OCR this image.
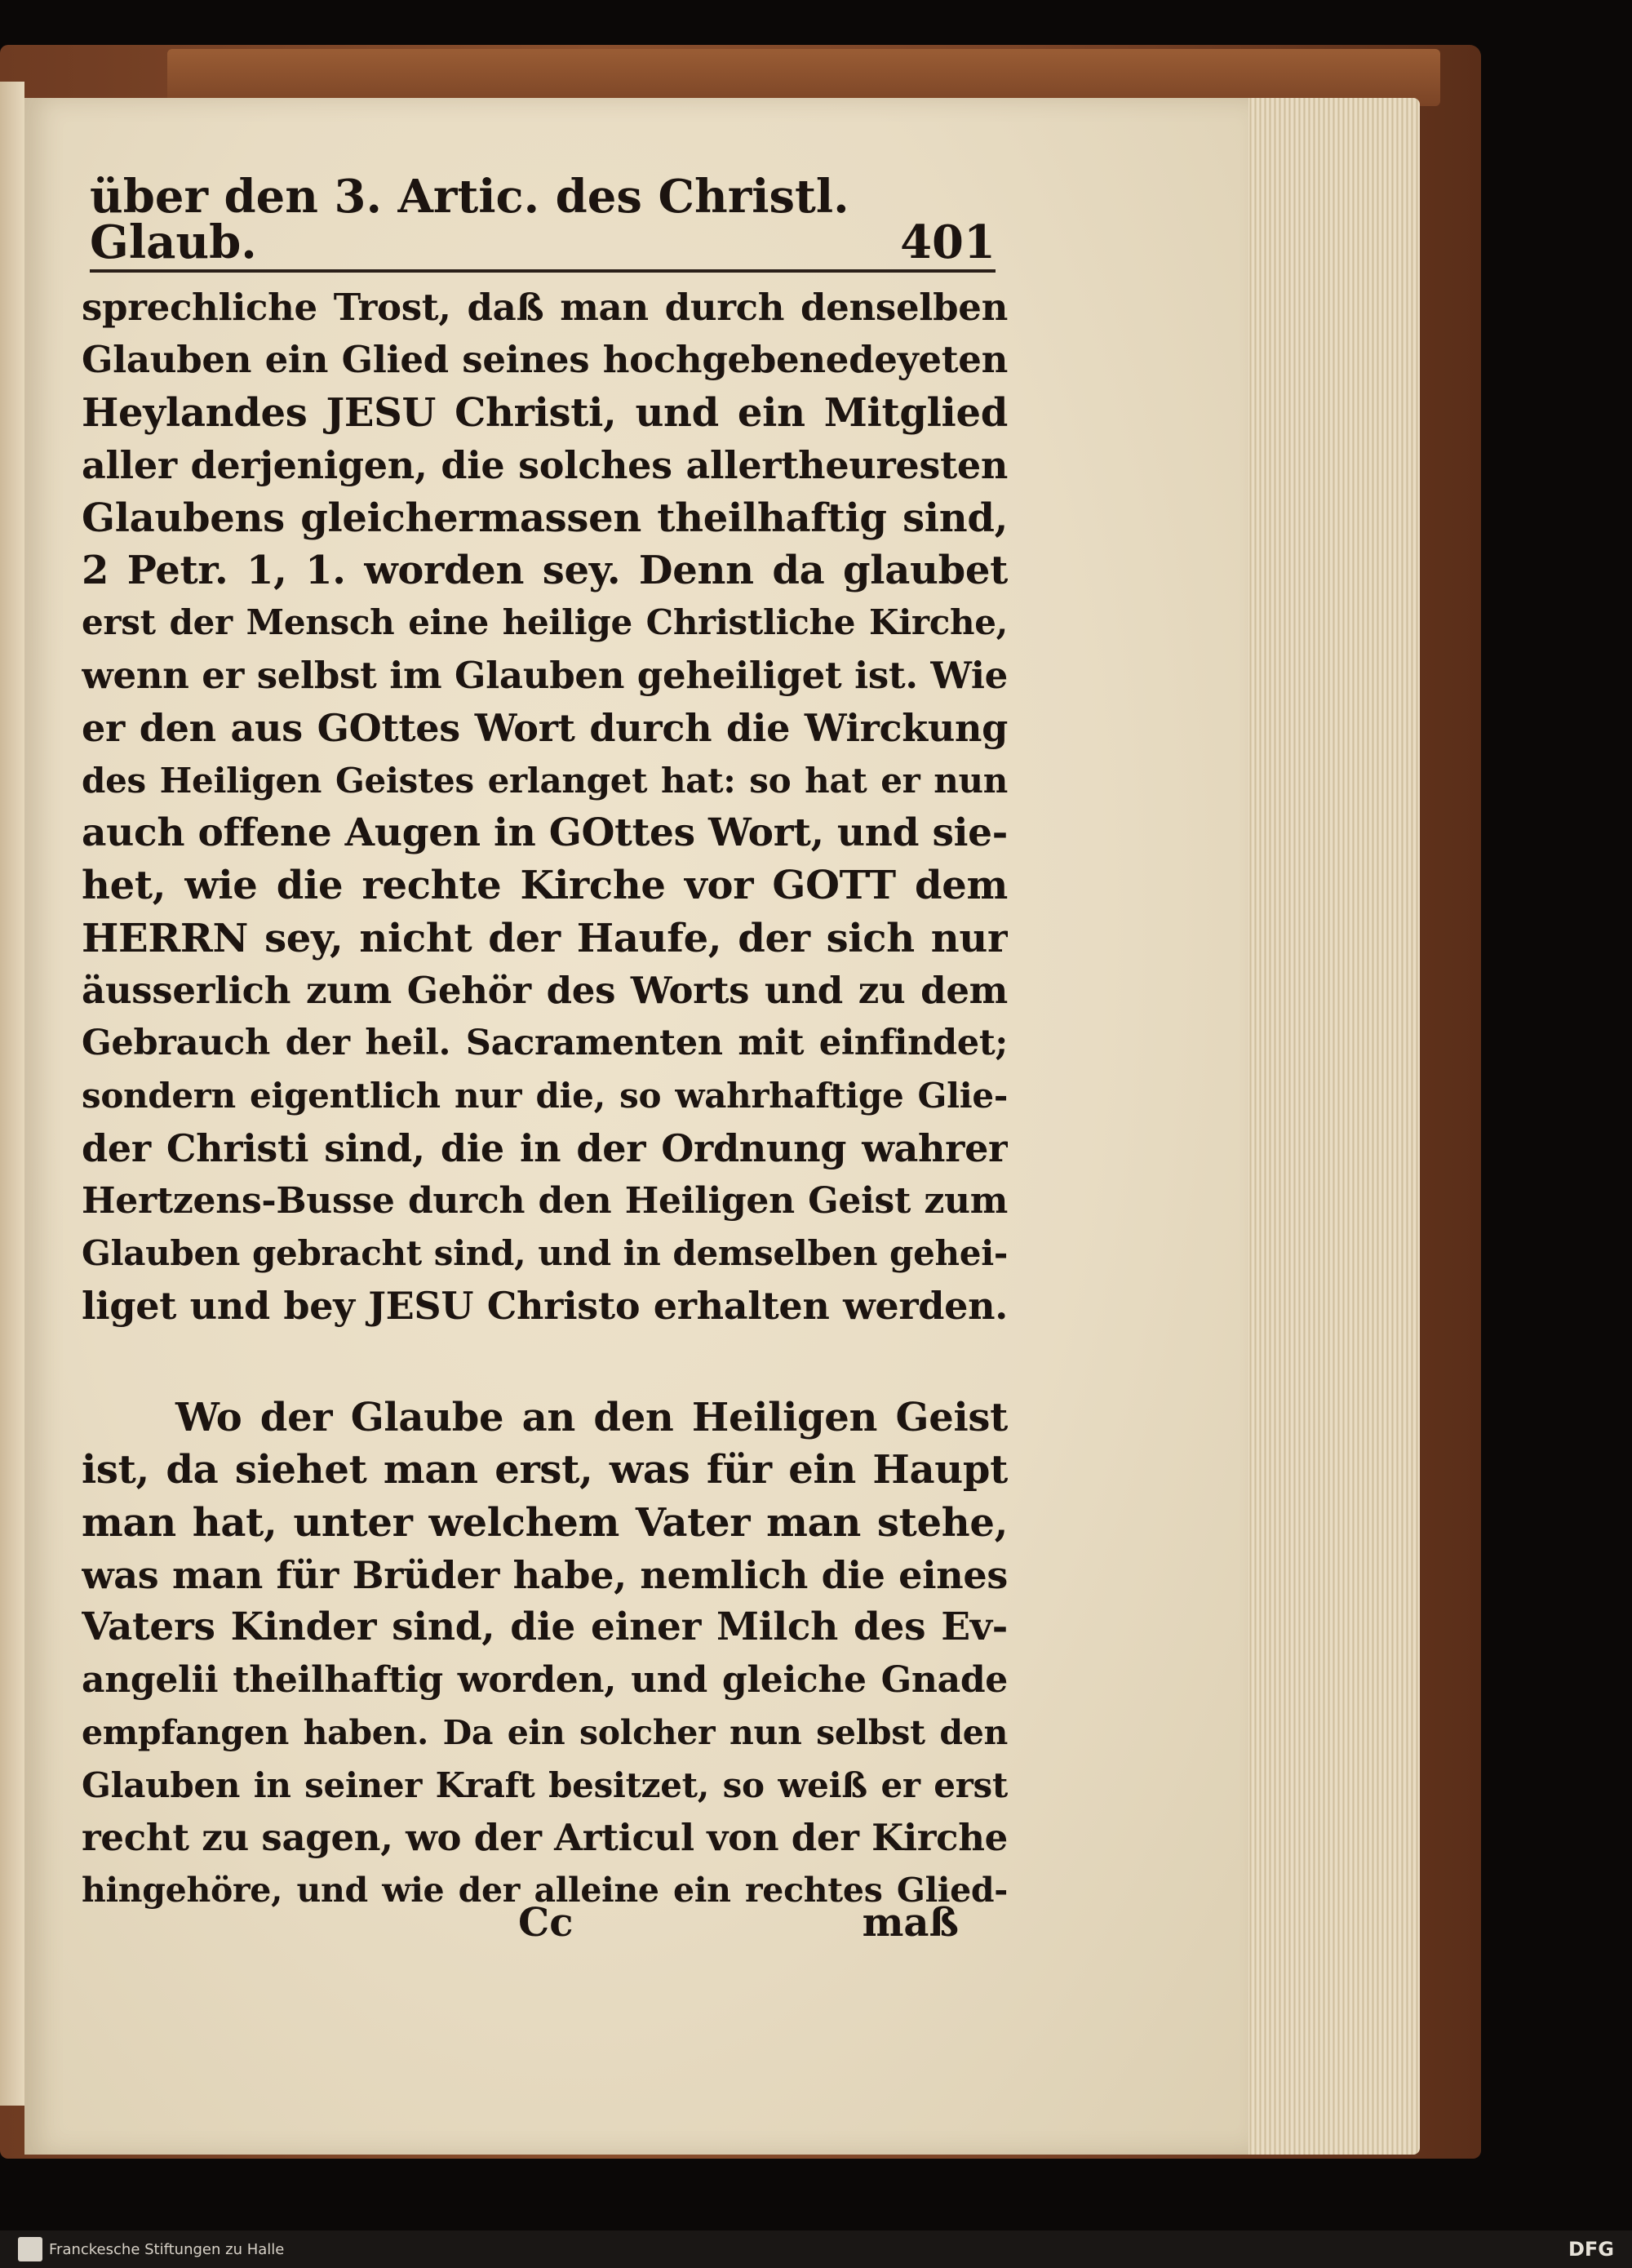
über den 3. Artic. des Christl. Glaub.	401
sprechliche Trost, daß man durch denselben
Glauben ein Glied seines hochgebenedeyeten
Heylandes JESU Christi, und ein Mitglied
aller derjenigen, die solches allertheuresten
Glaubens gleichermassen theilhaftig sind,
2 Petr. 1, 1. worden sey. Denn da glaubet
erst der Mensch eine heilige Christliche Kirche,
wenn er selbst im Glauben geheiliget ist. Wie
er den aus GOttes Wort durch die Wirckung
des Heiligen Geistes erlanget hat: so hat er nun
auch offene Augen in GOttes Wort, und sie-
het, wie die rechte Kirche vor GOTT dem
HERRN sey, nicht der Haufe, der sich nur
äusserlich zum Gehör des Worts und zu dem
Gebrauch der heil. Sacramenten mit einfindet;
sondern eigentlich nur die, so wahrhaftige Glie-
der Christi sind, die in der Ordnung wahrer
Hertzens-Busse durch den Heiligen Geist zum
Glauben gebracht sind, und in demselben gehei-
liget und bey JESU Christo erhalten werden.
Wo der Glaube an den Heiligen Geist
ist, da siehet man erst, was für ein Haupt
man hat, unter welchem Vater man stehe,
was man für Brüder habe, nemlich die eines
Vaters Kinder sind, die einer Milch des Ev-
angelii theilhaftig worden, und gleiche Gnade
empfangen haben. Da ein solcher nun selbst den
Glauben in seiner Kraft besitzet, so weiß er erst
recht zu sagen, wo der Articul von der Kirche
hingehöre, und wie der alleine ein rechtes Glied-
Cc	maß
Franckesche Stiftungen zu Halle	DFG
